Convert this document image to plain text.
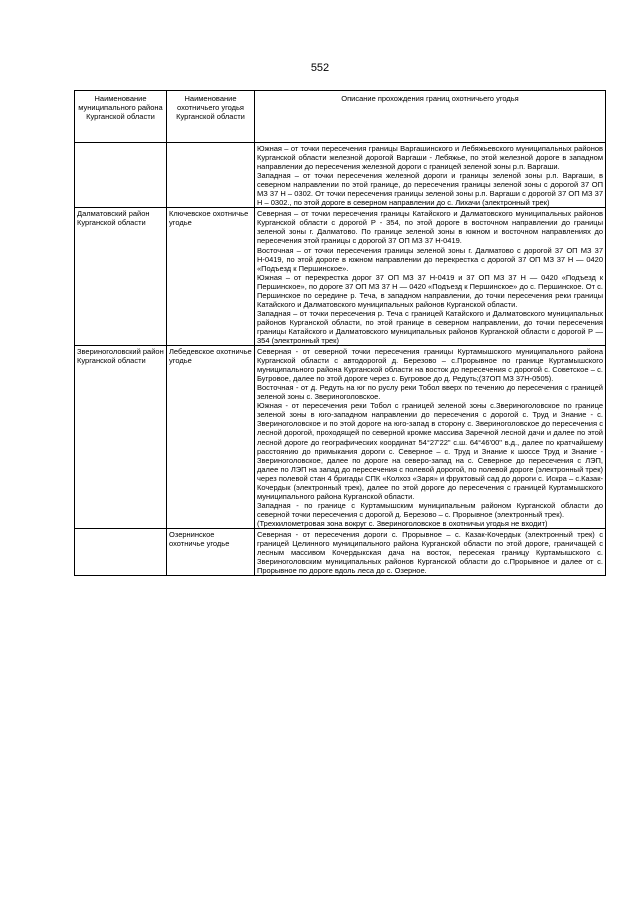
552
Наименование муниципального района Курганской области	Наименование охотничьего угодья Курганской области	Описание прохождения границ охотничьего угодья

		Южная – от точки пересечения границы Варгашинского и Лебяжьевского муниципальных районов Курганской области железной дорогой Варгаши - Лебяжье, по этой железной дороге в западном направлении до пересечения железной дороги с границей зеленой зоны р.п. Варгаши.

Западная – от точки пересечения железной дороги и границы зеленой зоны р.п. Варгаши, в северном направлении по этой границе, до пересечения границы зеленой зоны с дорогой 37 ОП МЗ 37 Н – 0302. От точки пересечения границы зеленой зоны р.п. Варгаши с дорогой 37 ОП МЗ 37 Н – 0302., по этой дороге в северном направлении до с. Лихачи (электронный трек)

Далматовский район Курганской области	Ключевское охотничье угодье	Северная – от точки пересечения границы Катайского и Далматовского муниципальных районов Курганской области с дорогой Р - 354, по этой дороге в восточном направлении до границы зеленой зоны г. Далматово. По границе зеленой зоны в южном и восточном направлениях до пересечения этой границы с дорогой 37 ОП МЗ 37 Н-0419.

Восточная – от точки пересечения границы зеленой зоны г. Далматово с дорогой 37 ОП МЗ 37 Н-0419, по этой дороге в южном направлении до перекрестка с дорогой 37 ОП МЗ 37 Н — 0420 «Подъезд к Першинское».

Южная – от перекрестка дорог 37 ОП МЗ 37 Н-0419 и 37 ОП МЗ 37 Н — 0420 «Подъезд к Першинское», по дороге 37 ОП МЗ 37 Н — 0420 «Подъезд к Першинское» до с. Першинское. От с. Першинское по середине р. Теча, в западном направлении, до точки пересечения реки границы Катайского и Далматовского муниципальных районов Курганской области.

Западная – от точки пересечения р. Теча с границей Катайского и Далматовского муниципальных районов Курганской области, по этой границе в северном направлении, до точки пересечения границы Катайского и Далматовского муниципальных районов Курганской области с дорогой Р — 354 (электронный трек)

Звериноголовский район Курганской области	Лебедевское охотничье угодье	Северная - от северной точки пересечения границы Куртамышского муниципального района Курганской области с автодорогой д. Березово – с.Прорывное по границе Куртамышского муниципального района Курганской области на восток до пересечения с дорогой с. Советское – с. Бугровое, далее по этой дороге через с. Бугровое до д. Редуть;(37ОП МЗ 37Н-0505).

Восточная - от д. Редуть на юг по руслу реки Тобол вверх по течению до пересечения с границей зеленой зоны с. Звериноголовское.

Южная - от пересечения реки Тобол с границей зеленой зоны с.Звериноголовское по границе зеленой зоны в юго-западном направлении до пересечения с дорогой с. Труд и Знание - с. Звериноголовское и по этой дороге на юго-запад в сторону с. Звериноголовское до пересечения с лесной дорогой, проходящей по северной кромке массива Заречной лесной дачи и далее по этой лесной дороге до географических координат 54°27'22" с.ш. 64°46'00" в.д., далее по кратчайшему расстоянию до примыкания дороги с. Северное – с. Труд и Знание к шоссе Труд и Знание - Звериноголовское, далее по дороге на северо-запад на с. Северное до пересечения с ЛЭП, далее по ЛЭП на запад до пересечения с полевой дорогой, по полевой дороге (электронный трек) через полевой стан 4 бригады СПК «Колхоз «Заря» и фруктовый сад до дороги с. Искра – с.Казак-Кочердык (электронный трек), далее по этой дороге до пересечения с границей Куртамышского муниципального района Курганской области.

Западная - по границе с Куртамышским муниципальным районом Курганской области до северной точки пересечения с дорогой д. Березово – с. Прорывное (электронный трек).

(Трехкилометровая зона вокруг с. Звериноголовское в охотничьи угодья не входит)

	Озернинское охотничье угодье	Северная - от пересечения дороги с. Прорывное – с. Казак-Кочердык (электронный трек) с границей Целинного муниципального района Курганской области по этой дороге, граничащей с лесным массивом Кочердыкская дача на восток, пересекая границу Куртамышского с. Звериноголовским муниципальных районов Курганской области до с.Прорывное и далее от с. Прорывное по дороге вдоль леса до с. Озерное.
